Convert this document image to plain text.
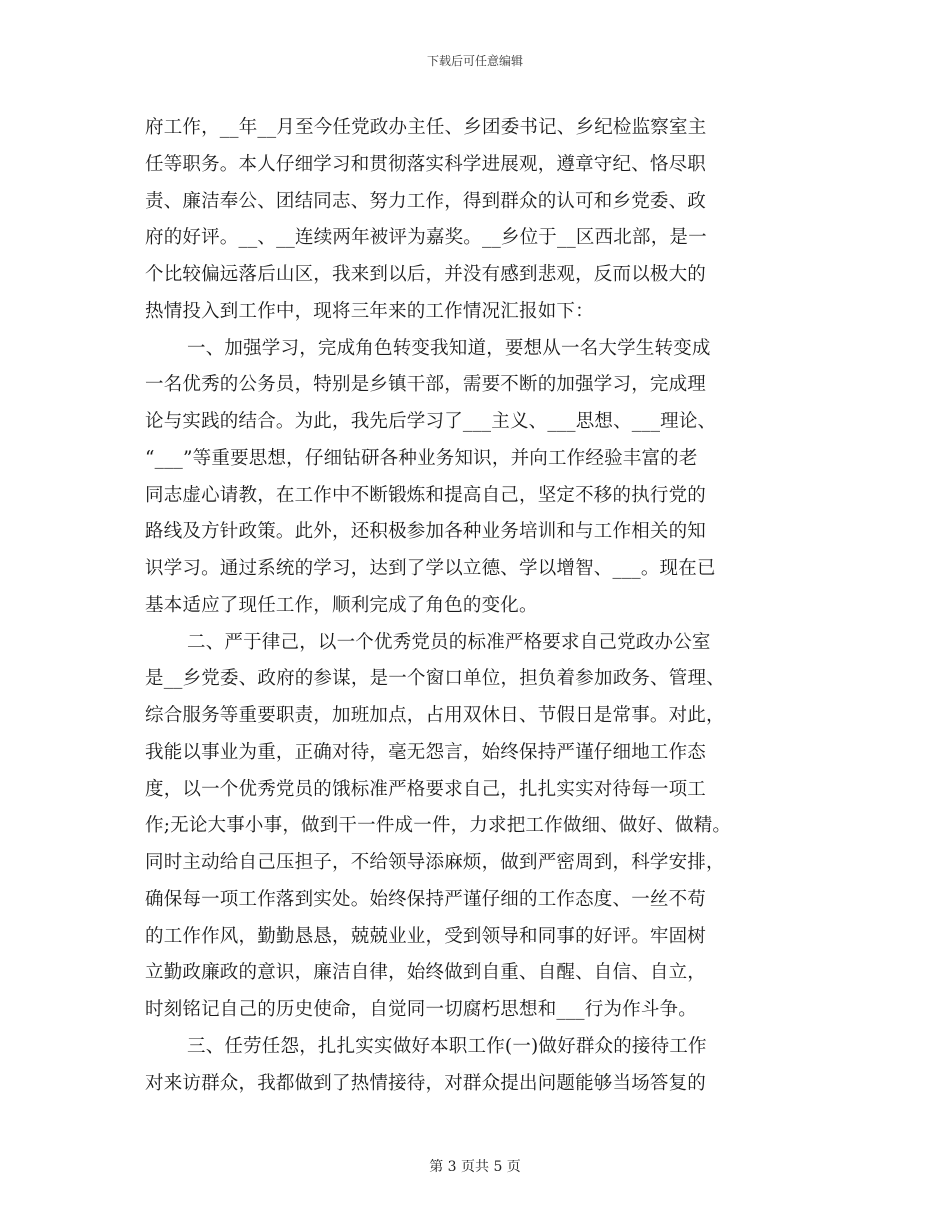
下载后可任意编辑
府工作，__年__月至今任党政办主任、乡团委书记、乡纪检监察室主
任等职务。本人仔细学习和贯彻落实科学进展观，遵章守纪、恪尽职
责、廉洁奉公、团结同志、努力工作，得到群众的认可和乡党委、政
府的好评。__、__连续两年被评为嘉奖。__乡位于__区西北部，是一
个比较偏远落后山区，我来到以后，并没有感到悲观，反而以极大的
热情投入到工作中，现将三年来的工作情况汇报如下：
一、加强学习，完成角色转变我知道，要想从一名大学生转变成
一名优秀的公务员，特别是乡镇干部，需要不断的加强学习，完成理
论与实践的结合。为此，我先后学习了___主义、___思想、___理论、
“___”等重要思想，仔细钻研各种业务知识，并向工作经验丰富的老
同志虚心请教，在工作中不断锻炼和提高自己，坚定不移的执行党的
路线及方针政策。此外，还积极参加各种业务培训和与工作相关的知
识学习。通过系统的学习，达到了学以立德、学以增智、___。现在已
基本适应了现任工作，顺利完成了角色的变化。
二、严于律己，以一个优秀党员的标准严格要求自己党政办公室
是__乡党委、政府的参谋，是一个窗口单位，担负着参加政务、管理、
综合服务等重要职责，加班加点，占用双休日、节假日是常事。对此，
我能以事业为重，正确对待，毫无怨言，始终保持严谨仔细地工作态
度，以一个优秀党员的饿标准严格要求自己，扎扎实实对待每一项工
作;无论大事小事，做到干一件成一件，力求把工作做细、做好、做精。
同时主动给自己压担子，不给领导添麻烦，做到严密周到，科学安排，
确保每一项工作落到实处。始终保持严谨仔细的工作态度、一丝不苟
的工作作风，勤勤恳恳，兢兢业业，受到领导和同事的好评。牢固树
立勤政廉政的意识，廉洁自律，始终做到自重、自醒、自信、自立，
时刻铭记自己的历史使命，自觉同一切腐朽思想和___行为作斗争。
三、任劳任怨，扎扎实实做好本职工作(一)做好群众的接待工作
对来访群众，我都做到了热情接待，对群众提出问题能够当场答复的
第 3 页共 5 页
